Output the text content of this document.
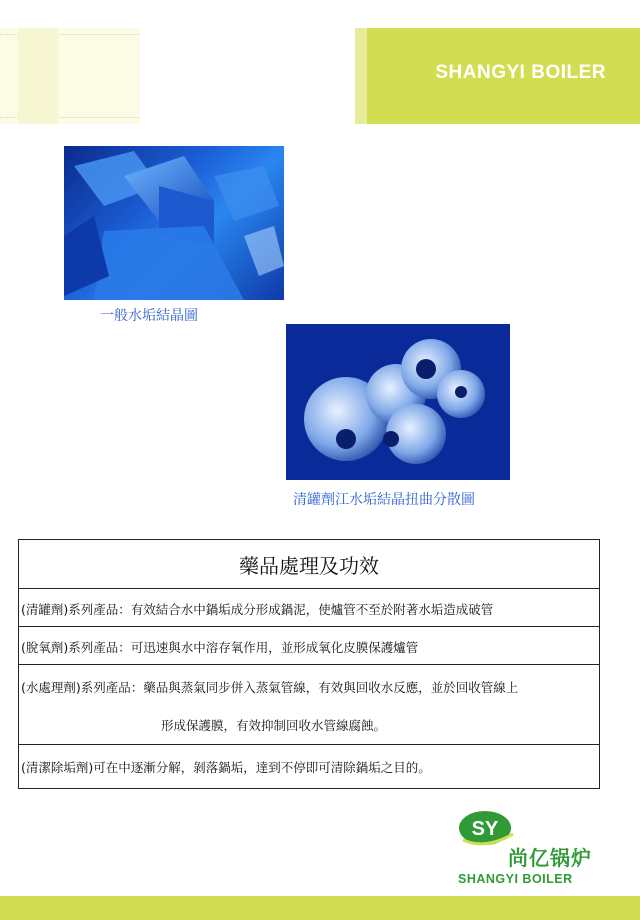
SHANGYI BOILER
一般水垢結晶圖
清罐劑江水垢結晶扭曲分散圖
藥品處理及功效
(清罐劑)系列產品：有效結合水中鍋垢成分形成鍋泥，使爐管不至於附著水垢造成破管
(脫氧劑)系列產品：可迅速與水中溶存氧作用，並形成氧化皮膜保護爐管
(水處理劑)系列產品：藥品與蒸氣同步併入蒸氣管線，有效與回收水反應，並於回收管線上
形成保護膜，有效抑制回收水管線腐蝕。
(清潔除垢劑)可在中逐漸分解，剝落鍋垢，達到不停即可清除鍋垢之目的。
SY
尚亿锅炉
SHANGYI BOILER
